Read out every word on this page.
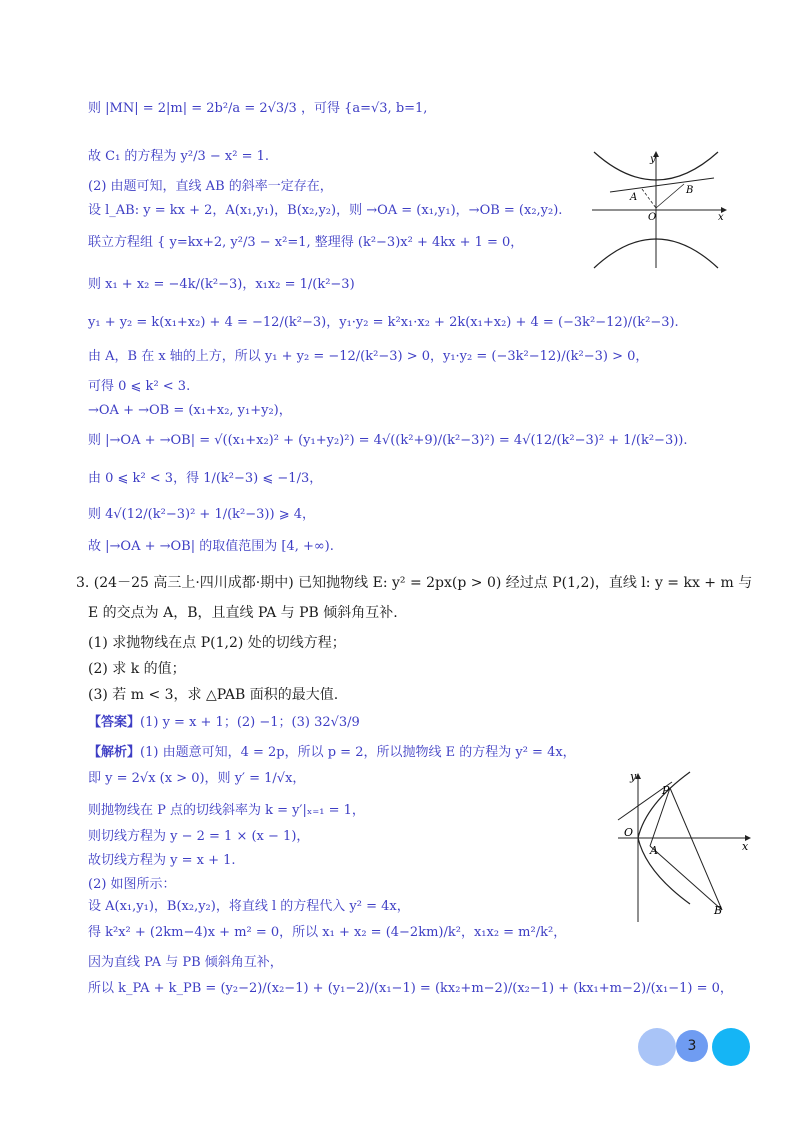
则 |MN| = 2|m| = 2b²/a = 2√3/3 ，可得 {a=√3, b=1,
故 C₁ 的方程为 y²/3 − x² = 1.
(2) 由题可知，直线 AB 的斜率一定存在，
设 l_AB: y = kx + 2，A(x₁,y₁)，B(x₂,y₂)，则 →OA = (x₁,y₁)，→OB = (x₂,y₂).
联立方程组 { y=kx+2, y²/3 − x²=1, 整理得 (k²−3)x² + 4kx + 1 = 0，
则 x₁ + x₂ = −4k/(k²−3)，x₁x₂ = 1/(k²−3)
y₁ + y₂ = k(x₁+x₂) + 4 = −12/(k²−3)，y₁·y₂ = k²x₁·x₂ + 2k(x₁+x₂) + 4 = (−3k²−12)/(k²−3).
由 A，B 在 x 轴的上方，所以 y₁ + y₂ = −12/(k²−3) > 0，y₁·y₂ = (−3k²−12)/(k²−3) > 0，
可得 0 ⩽ k² < 3.
→OA + →OB = (x₁+x₂, y₁+y₂)，
则 |→OA + →OB| = √((x₁+x₂)² + (y₁+y₂)²) = 4√((k²+9)/(k²−3)²) = 4√(12/(k²−3)² + 1/(k²−3)).
由 0 ⩽ k² < 3，得 1/(k²−3) ⩽ −1/3，
则 4√(12/(k²−3)² + 1/(k²−3)) ⩾ 4，
故 |→OA + →OB| 的取值范围为 [4, +∞).
y
x
O
A
B
3. (24－25 高三上·四川成都·期中) 已知抛物线 E: y² = 2px(p > 0) 经过点 P(1,2)，直线 l: y = kx + m 与
E 的交点为 A，B，且直线 PA 与 PB 倾斜角互补.
(1) 求抛物线在点 P(1,2) 处的切线方程；
(2) 求 k 的值；
(3) 若 m < 3，求 △PAB 面积的最大值.
【答案】(1) y = x + 1；(2) −1；(3) 32√3/9
【解析】(1) 由题意可知，4 = 2p，所以 p = 2，所以抛物线 E 的方程为 y² = 4x，
即 y = 2√x (x > 0)，则 y′ = 1/√x，
则抛物线在 P 点的切线斜率为 k = y′|ₓ₌₁ = 1，
则切线方程为 y − 2 = 1 × (x − 1)，
故切线方程为 y = x + 1.
(2) 如图所示：
设 A(x₁,y₁)，B(x₂,y₂)，将直线 l 的方程代入 y² = 4x，
得 k²x² + (2km−4)x + m² = 0，所以 x₁ + x₂ = (4−2km)/k²，x₁x₂ = m²/k²，
因为直线 PA 与 PB 倾斜角互补，
所以 k_PA + k_PB = (y₂−2)/(x₂−1) + (y₁−2)/(x₁−1) = (kx₂+m−2)/(x₂−1) + (kx₁+m−2)/(x₁−1) = 0，
y
x
O
A
P
B
3
